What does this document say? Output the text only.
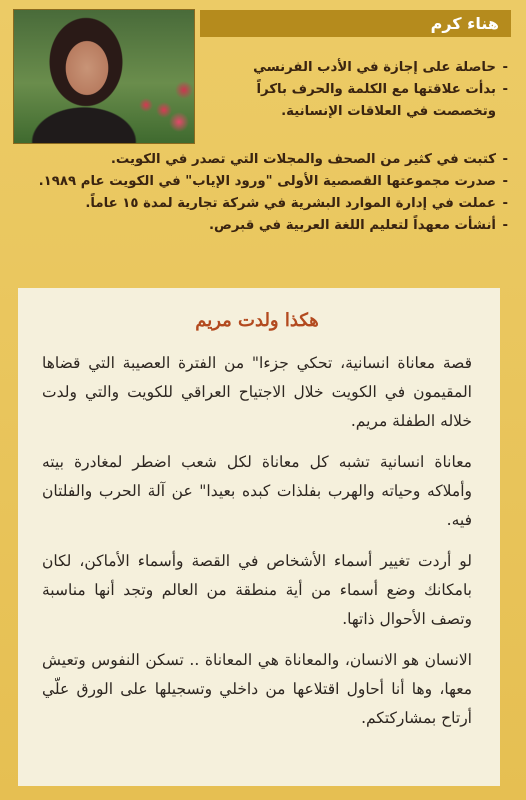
هناء كرم
- حاصلة على إجازة في الأدب الفرنسي
- بدأت علاقتها مع الكلمة والحرف باكراً
وتخصصت في العلاقات الإنسانية.
- كتبت في كثير من الصحف والمجلات التي تصدر في الكويت.
- صدرت مجموعتها القصصية الأولى "ورود الإياب" في الكويت عام ١٩٨٩.
- عملت في إدارة الموارد البشرية في شركة تجارية لمدة ١٥ عاماً.
- أنشأت معهداً لتعليم اللغة العربية في قبرص.
هكذا ولدت مريم

قصة معاناة انسانية، تحكي جزءا" من الفترة العصيبة التي قضاها المقيمون في الكويت خلال الاجتياح العراقي للكويت والتي ولدت خلاله الطفلة مريم.

معاناة انسانية تشبه كل معاناة لكل شعب اضطر لمغادرة بيته وأملاكه وحياته والهرب بفلذات كبده بعيدا" عن آلة الحرب والفلتان فيه.

لو أردت تغيير أسماء الأشخاص في القصة وأسماء الأماكن، لكان بامكانك وضع أسماء من أية منطقة من العالم وتجد أنها مناسبة وتصف الأحوال ذاتها.

الانسان هو الانسان، والمعاناة هي المعاناة .. تسكن النفوس وتعيش معها، وها أنا أحاول اقتلاعها من داخلي وتسجيلها على الورق علّي أرتاح بمشاركتكم.
